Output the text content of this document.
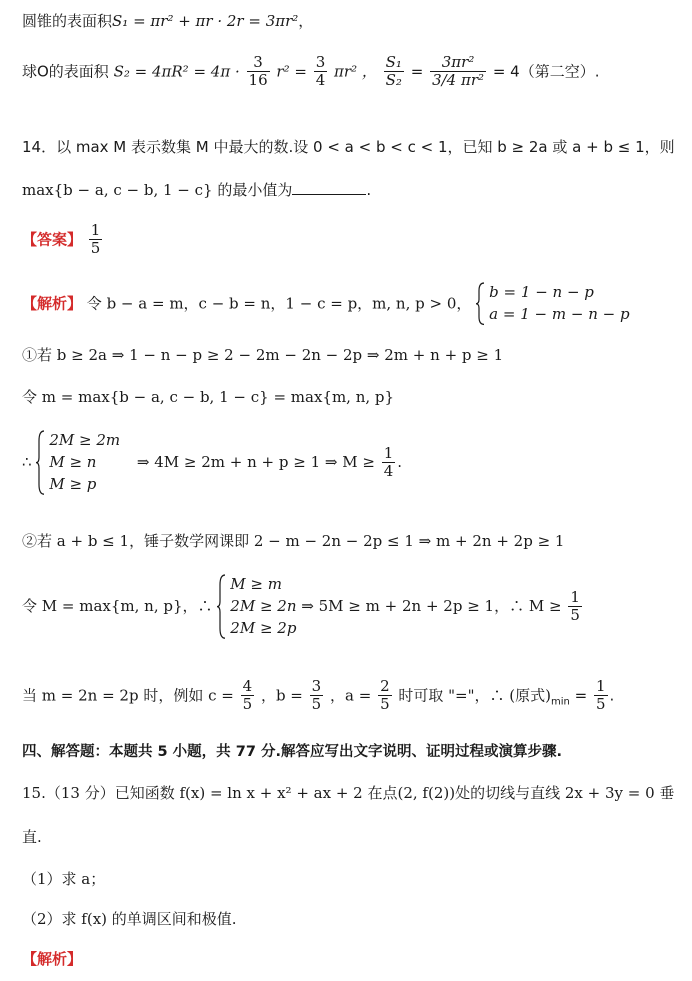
圆锥的表面积S₁ = πr² + πr · 2r = 3πr²，
球O的表面积 $S_2 = 4\pi R^2 = 4\pi \cdot \frac{3}{16} r^2 = \frac{3}{4} \pi r^2$ ， $\frac{\text{S₁}}{\text{S₂}} = \frac{\text{3πr²}}{\text{3/4 πr²}} = 4$（第二空）.
14．以 max M 表示数集 M 中最大的数.设 0 < a < b < c < 1，已知 b ≥ 2a 或 a + b ≤ 1，则
max{b − a, c − b, 1 − c} 的最小值为	.
【答案】 $\frac{1}{5}$
【解析】 令 b − a = m，c − b = n，1 − c = p，m, n, p > 0，
b = 1 − n − p
a = 1 − m − n − p
①若 b ≥ 2a ⇒ 1 − n − p ≥ 2 − 2m − 2n − 2p ⇒ 2m + n + p ≥ 1
令 m = max{b − a, c − b, 1 − c} = max{m, n, p}
∴
2M ≥ 2m
M ≥ n
M ≥ p
⇒ 4M ≥ 2m + n + p ≥ 1 ⇒ $M \ge \frac{1}{4}$ .
②若 a + b ≤ 1，锤子数学网课即 2 − m − 2n − 2p ≤ 1 ⇒ m + 2n + 2p ≥ 1
令 M = max{m, n, p}，∴
M ≥ m
2M ≥ 2n
2M ≥ 2p
⇒ 5M ≥ m + 2n + 2p ≥ 1，∴ $M \ge \frac{1}{5}$
当 m = 2n = 2p 时，例如 $c = \frac{4}{5}$ ，$b = \frac{3}{5}$ ，$a = \frac{2}{5}$ 时可取 "="，∴ (原式)$_{min} = \frac{1}{5}$ .
四、解答题：本题共 5 小题，共 77 分.解答应写出文字说明、证明过程或演算步骤.
15.（13 分）已知函数 f(x) = ln x + x² + ax + 2 在点(2, f(2))处的切线与直线 2x + 3y = 0 垂
直.
（1）求 a；
（2）求 f(x) 的单调区间和极值.
【解析】
